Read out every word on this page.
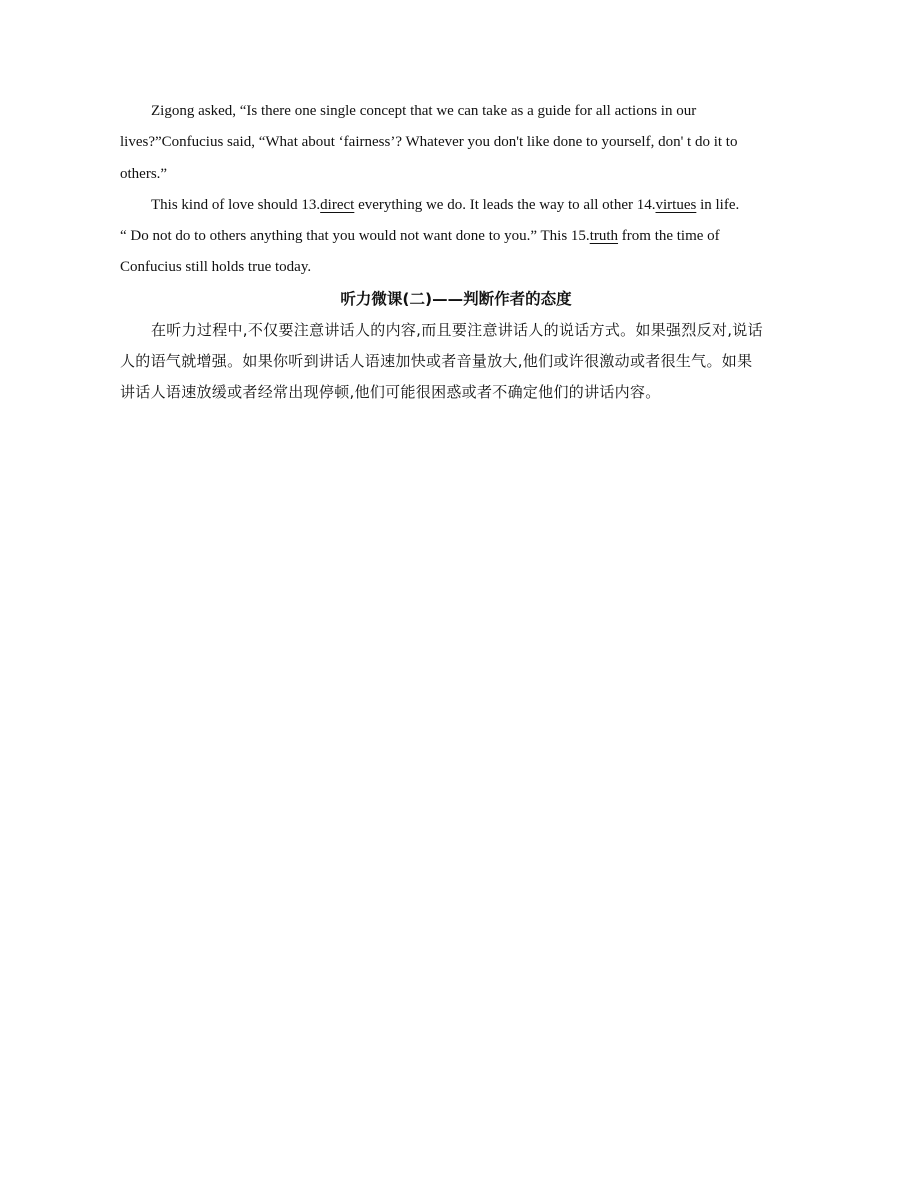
Zigong asked, “Is there one single concept that we can take as a guide for all actions in our
lives?”Confucius said, “What about ‘fairness’? Whatever you don't like done to yourself, don' t do it to
others.”

This kind of love should 13.direct everything we do. It leads the way to all other 14.virtues in life.
“ Do not do to others anything that you would not want done to you.” This 15.truth from the time of
Confucius still holds true today.

听力微课(二)——判断作者的态度

在听力过程中,不仅要注意讲话人的内容,而且要注意讲话人的说话方式。如果强烈反对,说话
人的语气就增强。如果你听到讲话人语速加快或者音量放大,他们或许很激动或者很生气。如果
讲话人语速放缓或者经常出现停顿,他们可能很困惑或者不确定他们的讲话内容。
